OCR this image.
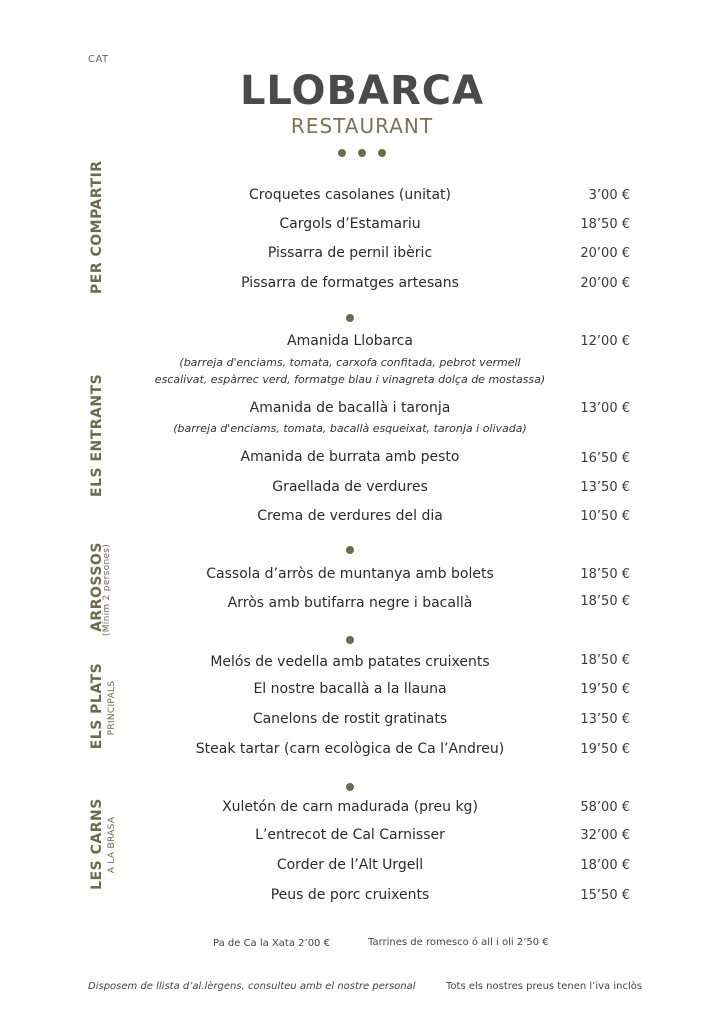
CAT
LLOBARCA
RESTAURANT
PER COMPARTIR
ELS ENTRANTS
ARROSSOS
(Mínim 2 persones)
ELS PLATS PRINCIPALS
LES CARNS A LA BRASA
Croquetes casolanes (unitat)	3’00 €
Cargols d’Estamariu	18’50 €
Pissarra de pernil ibèric	20’00 €
Pissarra de formatges artesans	20’00 €
Amanida Llobarca	12’00 €
(barreja d'enciams, tomata, carxofa confitada, pebrot vermell
escalivat, espàrrec verd, formatge blau i vinagreta dolça de mostassa)
Amanida de bacallà i taronja	13’00 €
(barreja d'enciams, tomata, bacallà esqueixat, taronja i olivada)
Amanida de burrata amb pesto	16’50 €
Graellada de verdures	13’50 €
Crema de verdures del dia	10’50 €
Cassola d’arròs de muntanya amb bolets	18’50 €
Arròs amb butifarra negre i bacallà	18’50 €
Melós de vedella amb patates cruixents	18’50 €
El nostre bacallà a la llauna	19’50 €
Canelons de rostit gratinats	13’50 €
Steak tartar (carn ecològica de Ca l’Andreu)	19’50 €
Xuletón de carn madurada (preu kg)	58’00 €
L’entrecot de Cal Carnisser	32’00 €
Corder de l’Alt Urgell	18’00 €
Peus de porc cruixents	15’50 €
Pa de Ca la Xata 2’00 €	Tarrines de romesco ó all i oli 2’50 €
Disposem de llista d’al.lèrgens, consulteu amb el nostre personal	Tots els nostres preus tenen l’iva inclòs
